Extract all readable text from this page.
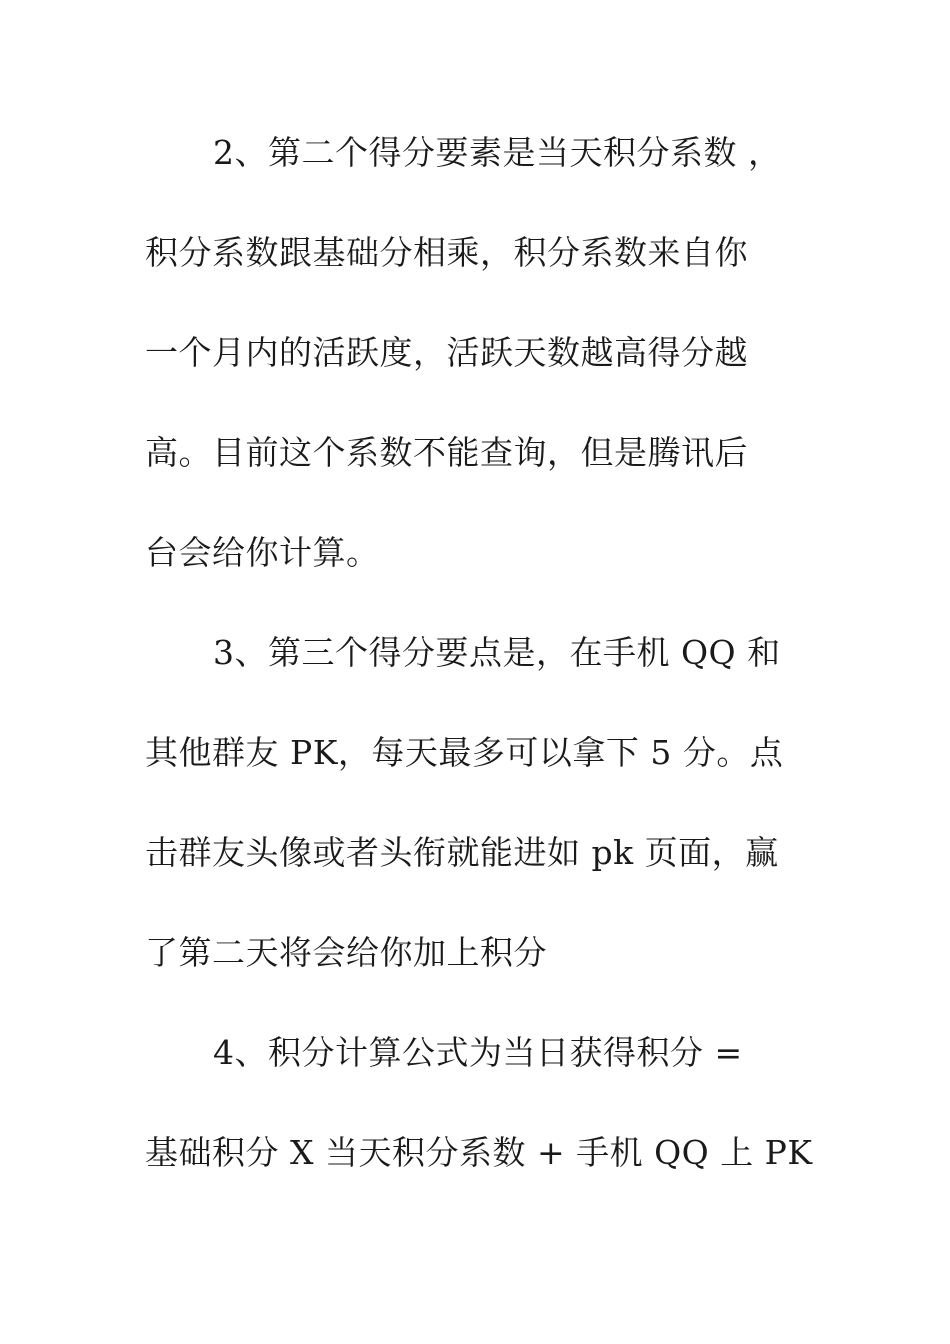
2、第二个得分要素是当天积分系数 ，
积分系数跟基础分相乘，积分系数来自你
一个月内的活跃度，活跃天数越高得分越
高。目前这个系数不能查询，但是腾讯后
台会给你计算。
3、第三个得分要点是，在手机 QQ 和
其他群友 PK，每天最多可以拿下 5 分。点
击群友头像或者头衔就能进如 pk 页面，赢
了第二天将会给你加上积分
4、积分计算公式为当日获得积分 =
基础积分 X 当天积分系数 + 手机 QQ 上 PK
